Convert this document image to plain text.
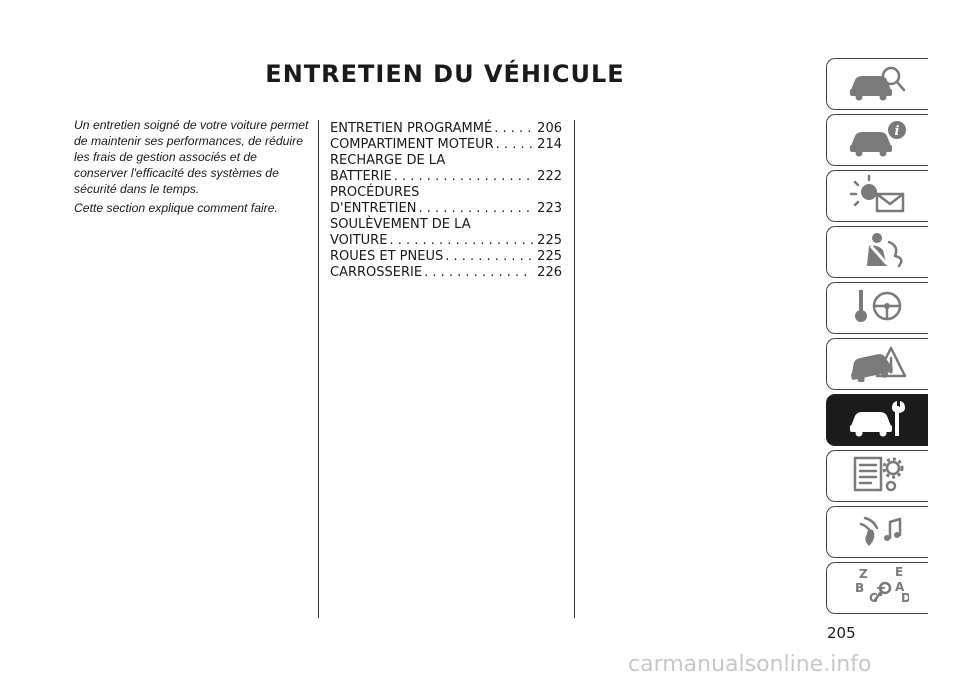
ENTRETIEN DU VÉHICULE

Un entretien soigné de votre voiture permet de maintenir ses performances, de réduire les frais de gestion associés et de conserver l'efficacité des systèmes de sécurité dans le temps.

Cette section explique comment faire.

ENTRETIEN PROGRAMMÉ . . .	206
COMPARTIMENT MOTEUR . . .	214
RECHARGE DE LA
BATTERIE . . .	222
PROCÉDURES
D'ENTRETIEN . . .	223
SOULÈVEMENT DE LA
VOITURE . . .	225
ROUES ET PNEUS . . .	225
CARROSSERIE . . .	226
i
Z E
B	A
C T D
205
carmanualsonline.info
